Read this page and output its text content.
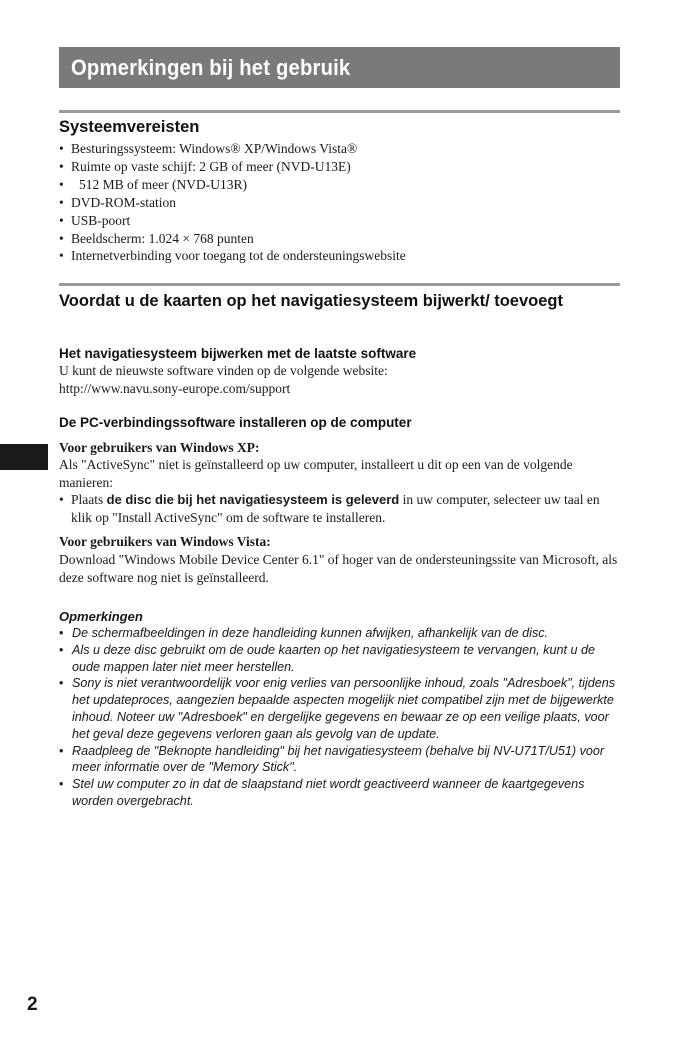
Opmerkingen bij het gebruik
Systeemvereisten
• Besturingssysteem: Windows® XP/Windows Vista®
• Ruimte op vaste schijf: 2 GB of meer (NVD-U13E)
• 512 MB of meer (NVD-U13R)
• DVD-ROM-station
• USB-poort
• Beeldscherm: 1.024 × 768 punten
• Internetverbinding voor toegang tot de ondersteuningswebsite
Voordat u de kaarten op het navigatiesysteem bijwerkt/ toevoegt
Het navigatiesysteem bijwerken met de laatste software
U kunt de nieuwste software vinden op de volgende website:
http://www.navu.sony-europe.com/support
De PC-verbindingssoftware installeren op de computer
Voor gebruikers van Windows XP:
Als "ActiveSync" niet is geïnstalleerd op uw computer, installeert u dit op een van de volgende manieren:
• Plaats de disc die bij het navigatiesysteem is geleverd in uw computer, selecteer uw taal en klik op "Install ActiveSync" om de software te installeren.
Voor gebruikers van Windows Vista:
Download "Windows Mobile Device Center 6.1" of hoger van de ondersteuningssite van Microsoft, als deze software nog niet is geïnstalleerd.
Opmerkingen
• De schermafbeeldingen in deze handleiding kunnen afwijken, afhankelijk van de disc.
• Als u deze disc gebruikt om de oude kaarten op het navigatiesysteem te vervangen, kunt u de oude mappen later niet meer herstellen.
• Sony is niet verantwoordelijk voor enig verlies van persoonlijke inhoud, zoals "Adresboek", tijdens het updateproces, aangezien bepaalde aspecten mogelijk niet compatibel zijn met de bijgewerkte inhoud. Noteer uw "Adresboek" en dergelijke gegevens en bewaar ze op een veilige plaats, voor het geval deze gegevens verloren gaan als gevolg van de update.
• Raadpleeg de "Beknopte handleiding" bij het navigatiesysteem (behalve bij NV-U71T/U51) voor meer informatie over de "Memory Stick".
• Stel uw computer zo in dat de slaapstand niet wordt geactiveerd wanneer de kaartgegevens worden overgebracht.
2
